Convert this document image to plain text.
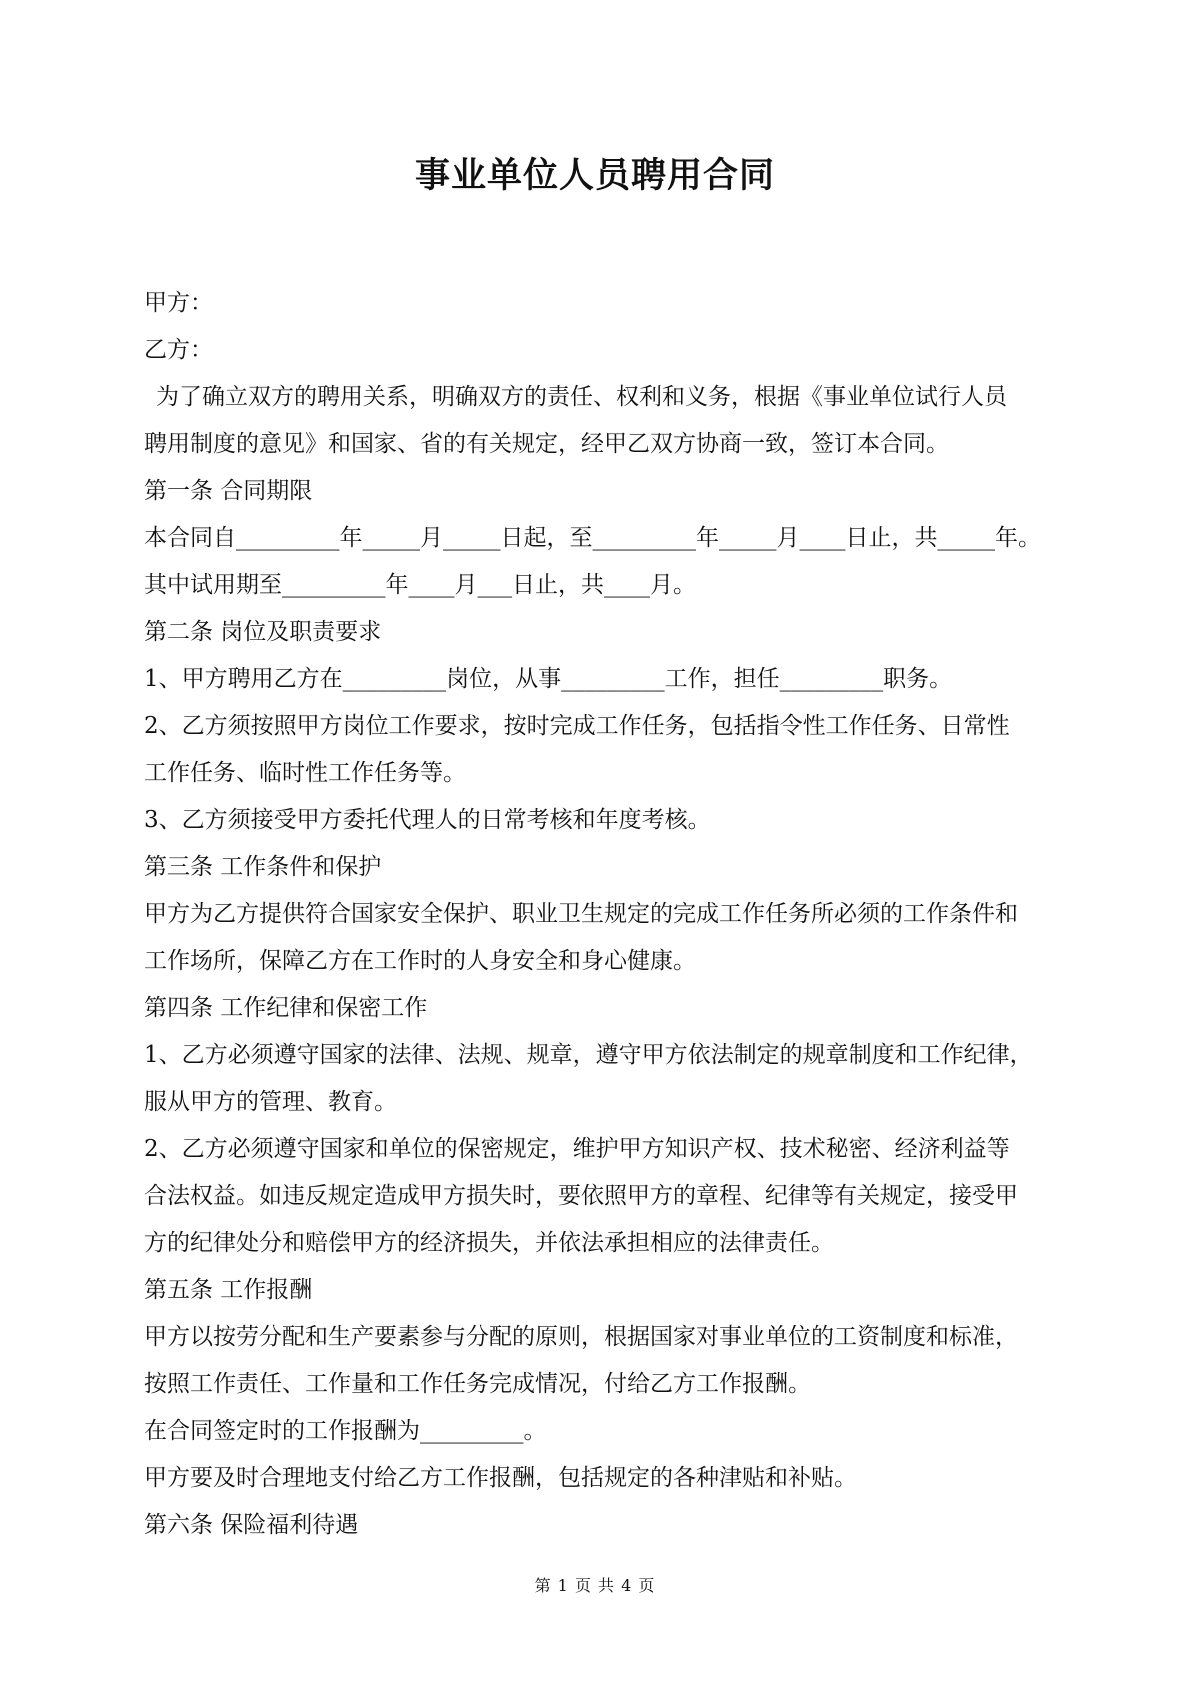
事业单位人员聘用合同
甲方：
乙方：
为了确立双方的聘用关系，明确双方的责任、权利和义务，根据《事业单位试行人员
聘用制度的意见》和国家、省的有关规定，经甲乙双方协商一致，签订本合同。
第一条 合同期限
本合同自_________年_____月_____日起，至_________年_____月____日止，共_____年。
其中试用期至_________年____月___日止，共____月。
第二条 岗位及职责要求
1、甲方聘用乙方在_________岗位，从事_________工作，担任_________职务。
2、乙方须按照甲方岗位工作要求，按时完成工作任务，包括指令性工作任务、日常性
工作任务、临时性工作任务等。
3、乙方须接受甲方委托代理人的日常考核和年度考核。
第三条 工作条件和保护
甲方为乙方提供符合国家安全保护、职业卫生规定的完成工作任务所必须的工作条件和
工作场所，保障乙方在工作时的人身安全和身心健康。
第四条 工作纪律和保密工作
1、乙方必须遵守国家的法律、法规、规章，遵守甲方依法制定的规章制度和工作纪律，
服从甲方的管理、教育。
2、乙方必须遵守国家和单位的保密规定，维护甲方知识产权、技术秘密、经济利益等
合法权益。如违反规定造成甲方损失时，要依照甲方的章程、纪律等有关规定，接受甲
方的纪律处分和赔偿甲方的经济损失，并依法承担相应的法律责任。
第五条 工作报酬
甲方以按劳分配和生产要素参与分配的原则，根据国家对事业单位的工资制度和标准，
按照工作责任、工作量和工作任务完成情况，付给乙方工作报酬。
在合同签定时的工作报酬为_________。
甲方要及时合理地支付给乙方工作报酬，包括规定的各种津贴和补贴。
第六条 保险福利待遇
第 1 页 共 4 页
